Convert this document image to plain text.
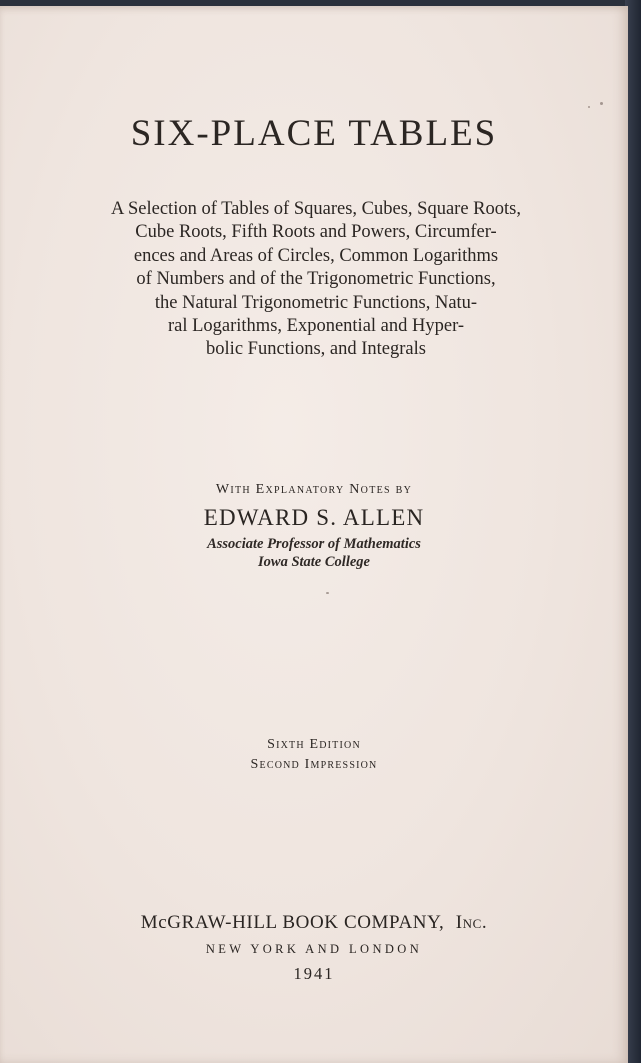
SIX-PLACE TABLES
A Selection of Tables of Squares, Cubes, Square Roots,
Cube Roots, Fifth Roots and Powers, Circumfer-
ences and Areas of Circles, Common Logarithms
of Numbers and of the Trigonometric Functions,
the Natural Trigonometric Functions, Natu-
ral Logarithms, Exponential and Hyper-
bolic Functions, and Integrals
With Explanatory Notes by
EDWARD S. ALLEN
Associate Professor of Mathematics
Iowa State College
Sixth Edition
Second Impression
McGRAW-HILL BOOK COMPANY, Inc.
NEW YORK AND LONDON
1941
